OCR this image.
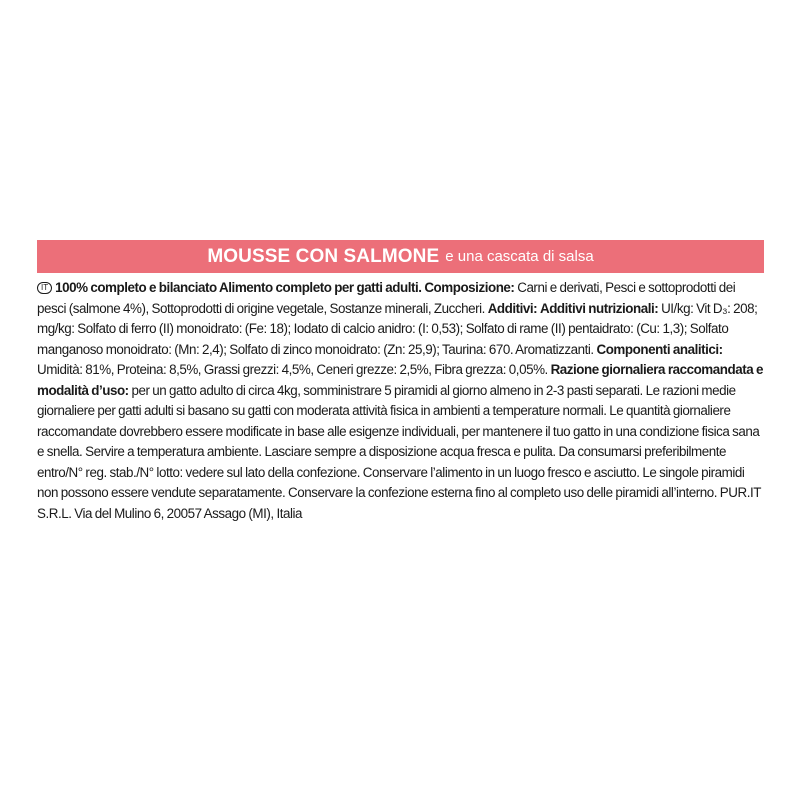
MOUSSE CON SALMONE e una cascata di salsa
IT 100% completo e bilanciato Alimento completo per gatti adulti. Composizione: Carni e derivati, Pesci e sottoprodotti dei pesci (salmone 4%), Sottoprodotti di origine vegetale, Sostanze minerali, Zuccheri. Additivi: Additivi nutrizionali: UI/kg: Vit D₃: 208; mg/kg: Solfato di ferro (II) monoidrato: (Fe: 18); Iodato di calcio anidro: (I: 0,53); Solfato di rame (II) pentaidrato: (Cu: 1,3); Solfato manganoso monoidrato: (Mn: 2,4); Solfato di zinco monoidrato: (Zn: 25,9); Taurina: 670. Aromatizzanti. Componenti analitici: Umidità: 81%, Proteina: 8,5%, Grassi grezzi: 4,5%, Ceneri grezze: 2,5%, Fibra grezza: 0,05%. Razione giornaliera raccomandata e modalità d’uso: per un gatto adulto di circa 4kg, somministrare 5 piramidi al giorno almeno in 2-3 pasti separati. Le razioni medie giornaliere per gatti adulti si basano su gatti con moderata attività fisica in ambienti a temperature normali. Le quantità giornaliere raccomandate dovrebbero essere modificate in base alle esigenze individuali, per mantenere il tuo gatto in una condizione fisica sana e snella. Servire a temperatura ambiente. Lasciare sempre a disposizione acqua fresca e pulita. Da consumarsi preferibilmente entro/N° reg. stab./N° lotto: vedere sul lato della confezione. Conservare l’alimento in un luogo fresco e asciutto. Le singole piramidi non possono essere vendute separatamente. Conservare la confezione esterna fino al completo uso delle piramidi all’interno. PUR.IT S.R.L. Via del Mulino 6, 20057 Assago (MI), Italia
